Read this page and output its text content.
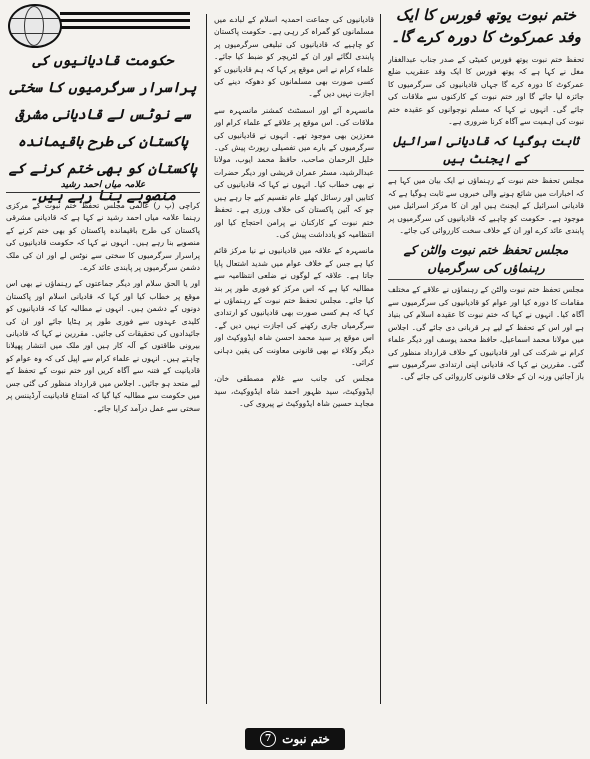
ختم نبوت یوتھ فورس کا ایک وفد عمرکوٹ کا دورہ کرے گا۔

تحفظ ختم نبوت یوتھ فورس کمیٹی کے صدر جناب عبدالغفار مغل نے کہا ہے کہ یوتھ فورس کا ایک وفد عنقریب ضلع عمرکوٹ کا دورہ کرے گا جہاں قادیانیوں کی سرگرمیوں کا جائزہ لیا جائے گا اور ختم نبوت کے کارکنوں سے ملاقات کی جائے گی۔ انہوں نے کہا کہ مسلم نوجوانوں کو عقیدہ ختم نبوت کی اہمیت سے آگاہ کرنا ضروری ہے۔

ثابت ہوگیا کہ قادیانی اسرائیل کے ایجنٹ ہیں

مجلس تحفظ ختم نبوت کے رہنماؤں نے ایک بیان میں کہا ہے کہ اخبارات میں شائع ہونے والی خبروں سے ثابت ہوگیا ہے کہ قادیانی اسرائیل کے ایجنٹ ہیں اور ان کا مرکز اسرائیل میں موجود ہے۔ حکومت کو چاہیے کہ قادیانیوں کی سرگرمیوں پر پابندی عائد کرے اور ان کے خلاف سخت کارروائی کی جائے۔

مجلس تحفظ ختم نبوت والٹن کے رہنماؤں کی سرگرمیاں

مجلس تحفظ ختم نبوت والٹن کے رہنماؤں نے علاقے کے مختلف مقامات کا دورہ کیا اور عوام کو قادیانیوں کی سرگرمیوں سے آگاہ کیا۔ انہوں نے کہا کہ ختم نبوت کا عقیدہ اسلام کی بنیاد ہے اور اس کے تحفظ کے لیے ہر قربانی دی جائے گی۔ اجلاس میں مولانا محمد اسماعیل، حافظ محمد یوسف اور دیگر علماء کرام نے شرکت کی اور قادیانیوں کے خلاف قرارداد منظور کی گئی۔ مقررین نے کہا کہ قادیانی اپنی ارتدادی سرگرمیوں سے باز آجائیں ورنہ ان کے خلاف قانونی کارروائی کی جائے گی۔

قادیانیوں کی جماعت احمدیہ اسلام کے لبادے میں مسلمانوں کو گمراہ کر رہی ہے۔ حکومت پاکستان کو چاہیے کہ قادیانیوں کی تبلیغی سرگرمیوں پر پابندی لگائے اور ان کے لٹریچر کو ضبط کیا جائے۔ علماء کرام نے اس موقع پر کہا کہ ہم قادیانیوں کو کسی صورت بھی مسلمانوں کو دھوکہ دینے کی اجازت نہیں دیں گے۔

مانسہرہ آئے اور اسسٹنٹ کمشنر مانسہرہ سے ملاقات کی۔ اس موقع پر علاقے کے علماء کرام اور معززین بھی موجود تھے۔ انہوں نے قادیانیوں کی سرگرمیوں کے بارے میں تفصیلی رپورٹ پیش کی۔ خلیل الرحمان صاحب، حافظ محمد ایوب، مولانا عبدالرشید، مسٹر عمران قریشی اور دیگر حضرات نے بھی خطاب کیا۔ انہوں نے کہا کہ قادیانیوں کی کتابیں اور رسائل کھلے عام تقسیم کیے جا رہے ہیں جو کہ آئین پاکستان کی خلاف ورزی ہے۔ تحفظ ختم نبوت کے کارکنان نے پرامن احتجاج کیا اور انتظامیہ کو یادداشت پیش کی۔

مانسہرہ کے علاقہ میں قادیانیوں نے نیا مرکز قائم کیا ہے جس کے خلاف عوام میں شدید اشتعال پایا جاتا ہے۔ علاقہ کے لوگوں نے ضلعی انتظامیہ سے مطالبہ کیا ہے کہ اس مرکز کو فوری طور پر بند کیا جائے۔ مجلس تحفظ ختم نبوت کے رہنماؤں نے کہا کہ ہم کسی صورت بھی قادیانیوں کو ارتدادی سرگرمیاں جاری رکھنے کی اجازت نہیں دیں گے۔ اس موقع پر سید محمد احسن شاہ ایڈووکیٹ اور دیگر وکلاء نے بھی قانونی معاونت کی یقین دہانی کرائی۔

مجلس کی جانب سے غلام مصطفی خان، ایڈووکیٹ، سید ظہور احمد شاہ ایڈووکیٹ، سید مجاہد حسین شاہ ایڈووکیٹ نے پیروی کی۔

حکومت قادیانیوں کی پراسرار سرگرمیوں کا سختی سے نوٹس لے قادیانی مشرقی پاکستان کی طرح باقیماندہ پاکستان کو بھی ختم کرنے کے منصوبے بنا رہے ہیں۔
علامہ میاں احمد رشید

کراچی (پ ر) عالمی مجلس تحفظ ختم نبوت کے مرکزی رہنما علامہ میاں احمد رشید نے کہا ہے کہ قادیانی مشرقی پاکستان کی طرح باقیماندہ پاکستان کو بھی ختم کرنے کے منصوبے بنا رہے ہیں۔ انہوں نے کہا کہ حکومت قادیانیوں کی پراسرار سرگرمیوں کا سختی سے نوٹس لے اور ان کی ملک دشمن سرگرمیوں پر پابندی عائد کرے۔

اور یا الحق سلام اور دیگر جماعتوں کے رہنماؤں نے بھی اس موقع پر خطاب کیا اور کہا کہ قادیانی اسلام اور پاکستان دونوں کے دشمن ہیں۔ انہوں نے مطالبہ کیا کہ قادیانیوں کو کلیدی عہدوں سے فوری طور پر ہٹایا جائے اور ان کی جائیدادوں کی تحقیقات کی جائیں۔ مقررین نے کہا کہ قادیانی بیرونی طاقتوں کے آلہ کار ہیں اور ملک میں انتشار پھیلانا چاہتے ہیں۔ انہوں نے علماء کرام سے اپیل کی کہ وہ عوام کو قادیانیت کے فتنہ سے آگاہ کریں اور ختم نبوت کے تحفظ کے لیے متحد ہو جائیں۔ اجلاس میں قرارداد منظور کی گئی جس میں حکومت سے مطالبہ کیا گیا کہ امتناع قادیانیت آرڈیننس پر سختی سے عمل درآمد کرایا جائے۔

ختم نبوت
7
